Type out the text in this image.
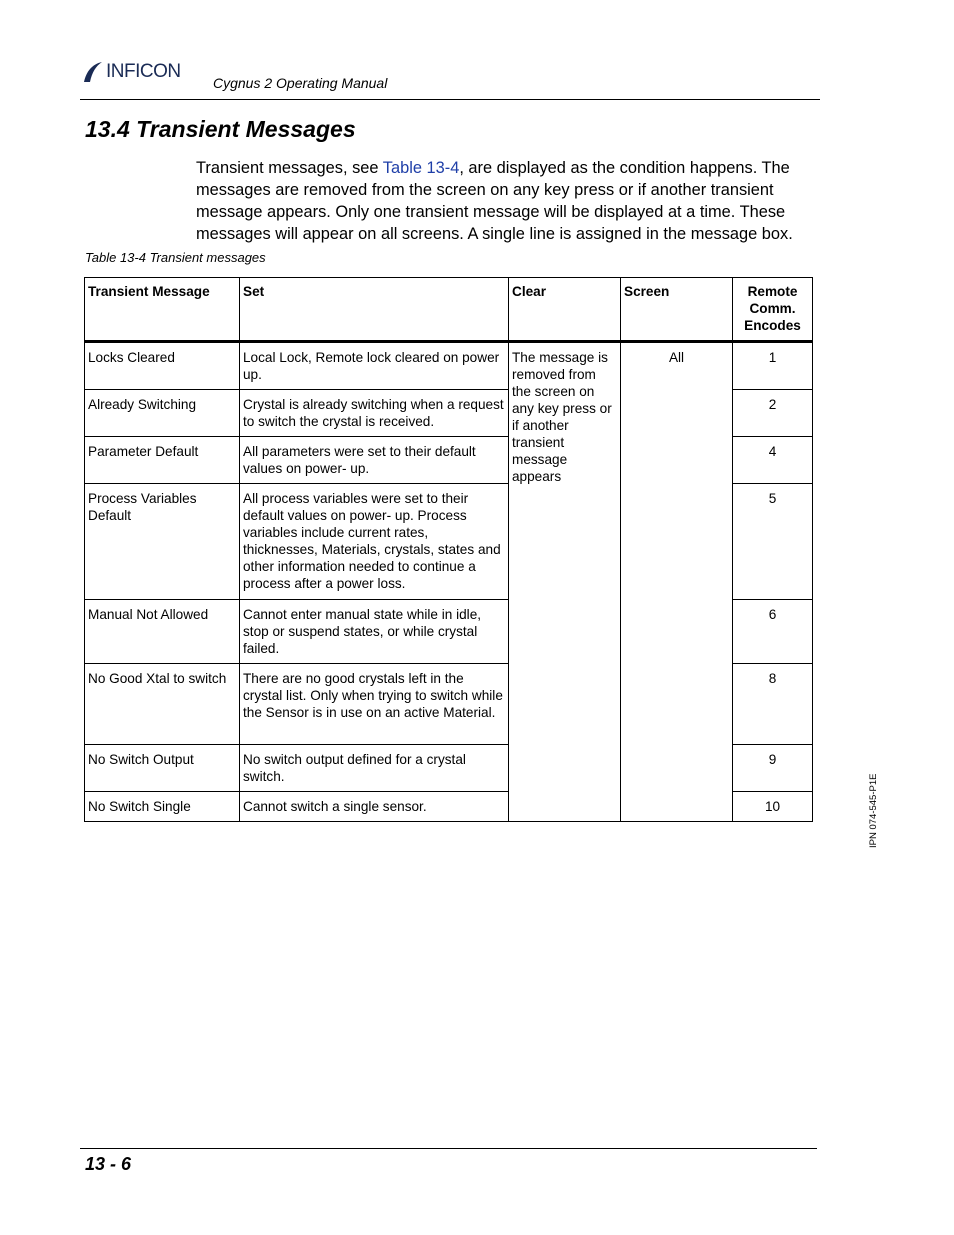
INFICON
Cygnus 2 Operating Manual
13.4 Transient Messages

Transient messages, see Table 13-4, are displayed as the condition happens. The messages are removed from the screen on any key press or if another transient message appears. Only one transient message will be displayed at a time. These messages will appear on all screens. A single line is assigned in the message box.

Table 13-4 Transient messages
Transient Message	Set	Clear	Screen	Remote Comm. Encodes
Locks Cleared	Local Lock, Remote lock cleared on power up.	The message is removed from the screen on any key press or if another transient message appears	All	1
Already Switching	Crystal is already switching when a request to switch the crystal is received.			2
Parameter Default	All parameters were set to their default values on power- up.			4
Process Variables Default	All process variables were set to their default values on power- up. Process variables include current rates, thicknesses, Materials, crystals, states and other information needed to continue a process after a power loss.			5
Manual Not Allowed	Cannot enter manual state while in idle, stop or suspend states, or while crystal failed.			6
No Good Xtal to switch	There are no good crystals left in the crystal list. Only when trying to switch while the Sensor is in use on an active Material.			8
No Switch Output	No switch output defined for a crystal switch.			9
No Switch Single	Cannot switch a single sensor.			10	IPN 074-545-P1E
13 - 6
